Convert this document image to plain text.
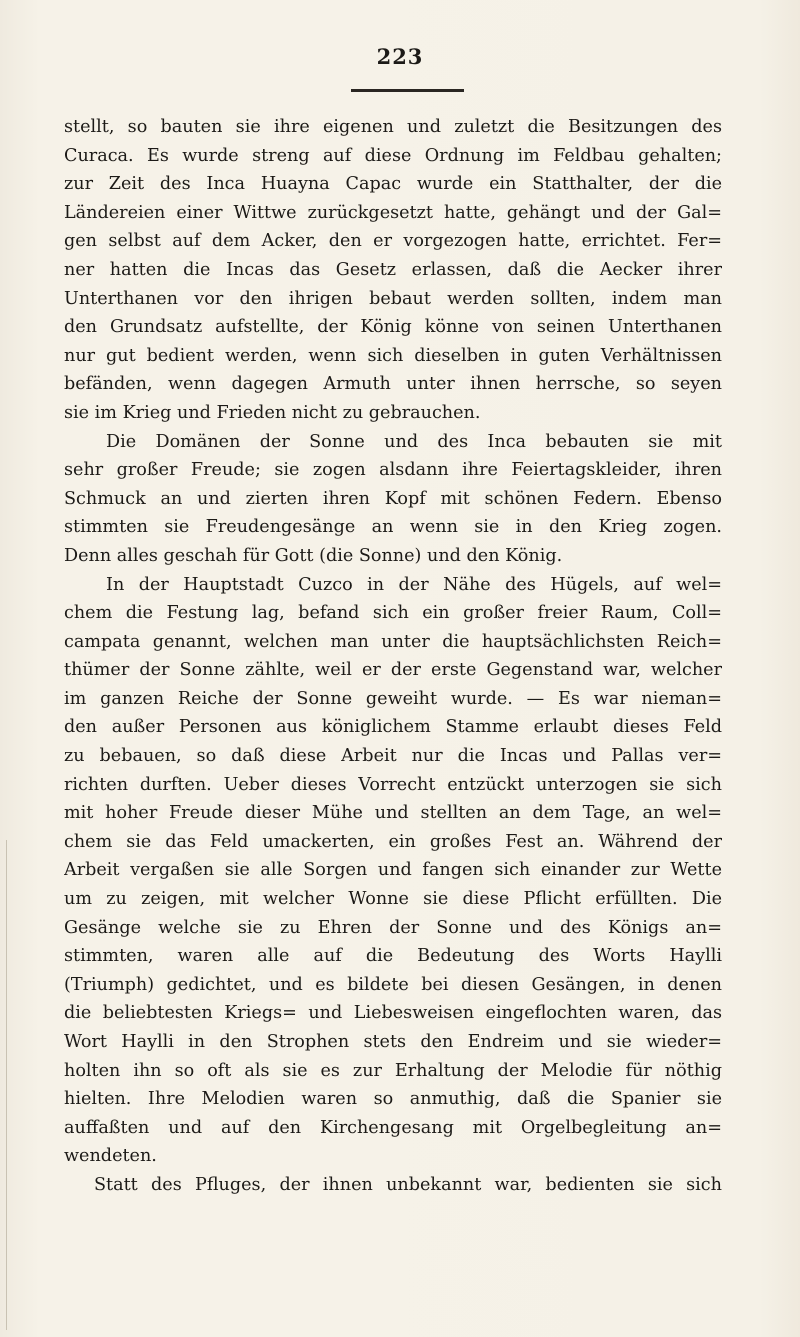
223
stellt, so bauten sie ihre eigenen und zuletzt die Besitzungen des
Curaca. Es wurde streng auf diese Ordnung im Feldbau gehalten;
zur Zeit des Inca Huayna Capac wurde ein Statthalter, der die
Ländereien einer Wittwe zurückgesetzt hatte, gehängt und der Gal=
gen selbst auf dem Acker, den er vorgezogen hatte, errichtet. Fer=
ner hatten die Incas das Gesetz erlassen, daß die Aecker ihrer
Unterthanen vor den ihrigen bebaut werden sollten, indem man
den Grundsatz aufstellte, der König könne von seinen Unterthanen
nur gut bedient werden, wenn sich dieselben in guten Verhältnissen
befänden, wenn dagegen Armuth unter ihnen herrsche, so seyen
sie im Krieg und Frieden nicht zu gebrauchen.
Die Domänen der Sonne und des Inca bebauten sie mit
sehr großer Freude; sie zogen alsdann ihre Feiertagskleider, ihren
Schmuck an und zierten ihren Kopf mit schönen Federn. Ebenso
stimmten sie Freudengesänge an wenn sie in den Krieg zogen.
Denn alles geschah für Gott (die Sonne) und den König.
In der Hauptstadt Cuzco in der Nähe des Hügels, auf wel=
chem die Festung lag, befand sich ein großer freier Raum, Coll=
campata genannt, welchen man unter die hauptsächlichsten Reich=
thümer der Sonne zählte, weil er der erste Gegenstand war, welcher
im ganzen Reiche der Sonne geweiht wurde. — Es war nieman=
den außer Personen aus königlichem Stamme erlaubt dieses Feld
zu bebauen, so daß diese Arbeit nur die Incas und Pallas ver=
richten durften. Ueber dieses Vorrecht entzückt unterzogen sie sich
mit hoher Freude dieser Mühe und stellten an dem Tage, an wel=
chem sie das Feld umackerten, ein großes Fest an. Während der
Arbeit vergaßen sie alle Sorgen und fangen sich einander zur Wette
um zu zeigen, mit welcher Wonne sie diese Pflicht erfüllten. Die
Gesänge welche sie zu Ehren der Sonne und des Königs an=
stimmten, waren alle auf die Bedeutung des Worts Haylli
(Triumph) gedichtet, und es bildete bei diesen Gesängen, in denen
die beliebtesten Kriegs= und Liebesweisen eingeflochten waren, das
Wort Haylli in den Strophen stets den Endreim und sie wieder=
holten ihn so oft als sie es zur Erhaltung der Melodie für nöthig
hielten. Ihre Melodien waren so anmuthig, daß die Spanier sie
auffaßten und auf den Kirchengesang mit Orgelbegleitung an=
wendeten.
Statt des Pfluges, der ihnen unbekannt war, bedienten sie sich
